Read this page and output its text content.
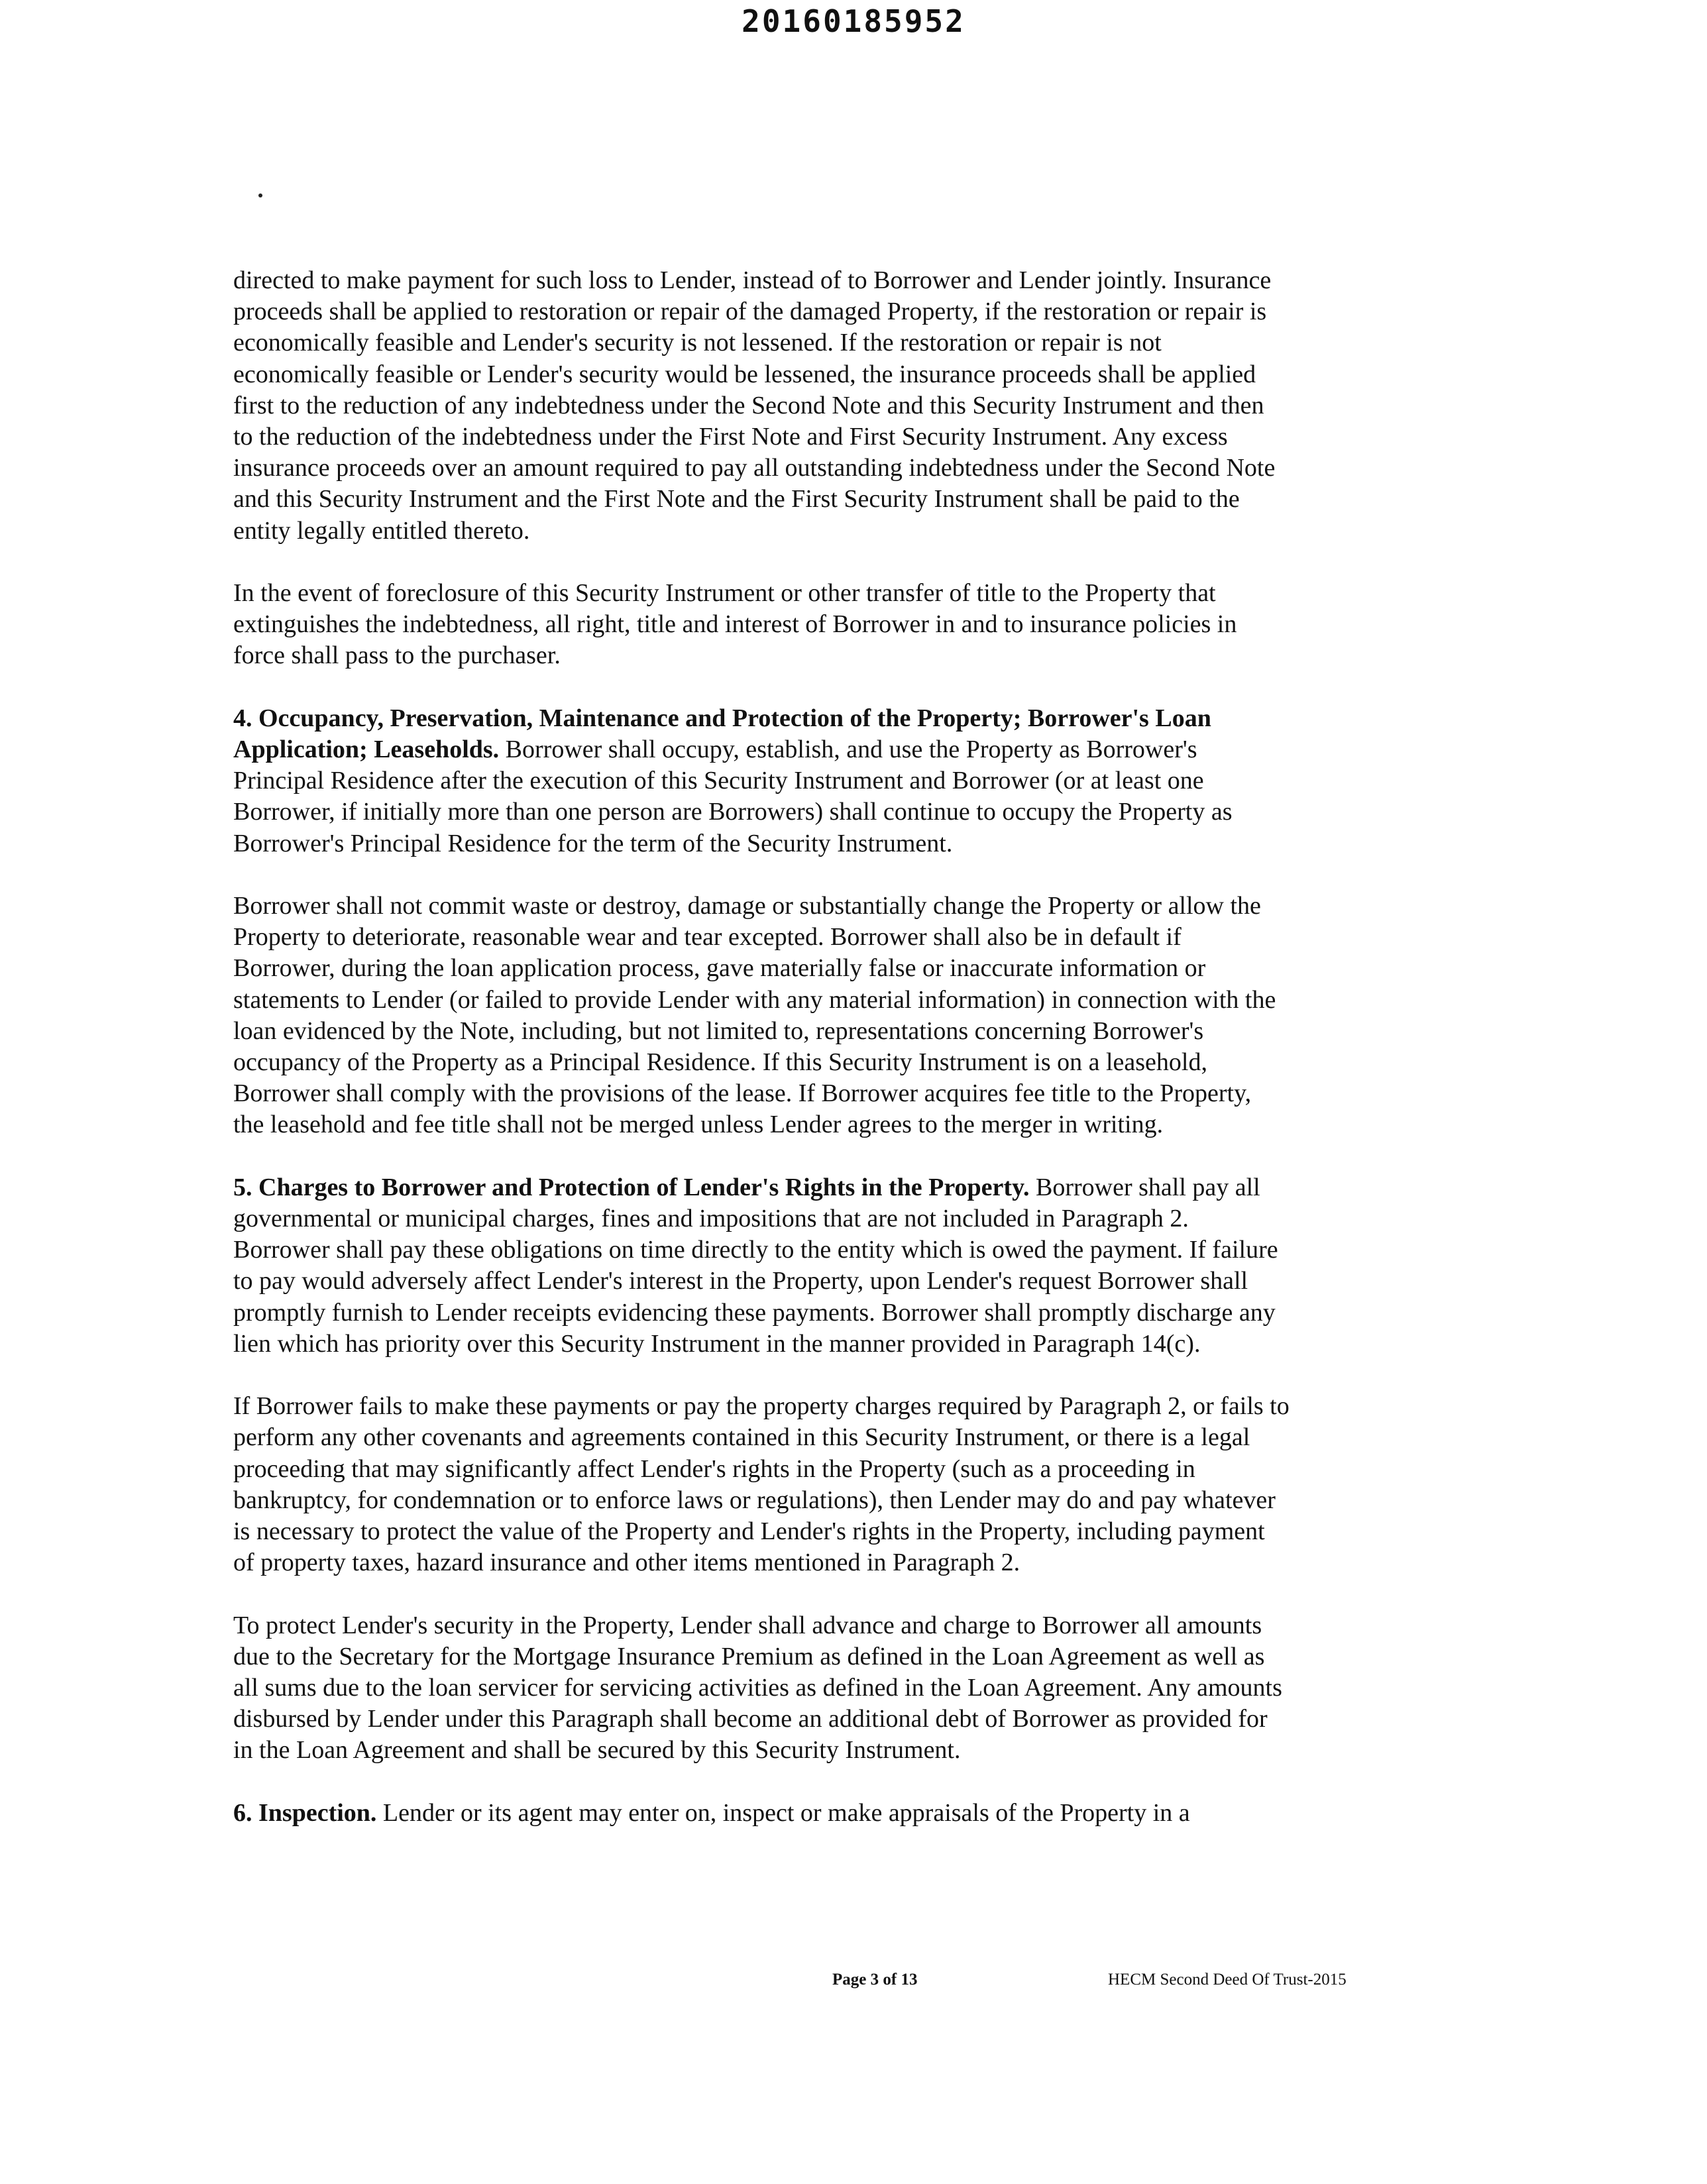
20160185952
directed to make payment for such loss to Lender, instead of to Borrower and Lender jointly. Insurance
proceeds shall be applied to restoration or repair of the damaged Property, if the restoration or repair is
economically feasible and Lender's security is not lessened. If the restoration or repair is not
economically feasible or Lender's security would be lessened, the insurance proceeds shall be applied
first to the reduction of any indebtedness under the Second Note and this Security Instrument and then
to the reduction of the indebtedness under the First Note and First Security Instrument. Any excess
insurance proceeds over an amount required to pay all outstanding indebtedness under the Second Note
and this Security Instrument and the First Note and the First Security Instrument shall be paid to the
entity legally entitled thereto.
In the event of foreclosure of this Security Instrument or other transfer of title to the Property that
extinguishes the indebtedness, all right, title and interest of Borrower in and to insurance policies in
force shall pass to the purchaser.
4. Occupancy, Preservation, Maintenance and Protection of the Property; Borrower's Loan
Application; Leaseholds. Borrower shall occupy, establish, and use the Property as Borrower's
Principal Residence after the execution of this Security Instrument and Borrower (or at least one
Borrower, if initially more than one person are Borrowers) shall continue to occupy the Property as
Borrower's Principal Residence for the term of the Security Instrument.
Borrower shall not commit waste or destroy, damage or substantially change the Property or allow the
Property to deteriorate, reasonable wear and tear excepted. Borrower shall also be in default if
Borrower, during the loan application process, gave materially false or inaccurate information or
statements to Lender (or failed to provide Lender with any material information) in connection with the
loan evidenced by the Note, including, but not limited to, representations concerning Borrower's
occupancy of the Property as a Principal Residence. If this Security Instrument is on a leasehold,
Borrower shall comply with the provisions of the lease. If Borrower acquires fee title to the Property,
the leasehold and fee title shall not be merged unless Lender agrees to the merger in writing.
5. Charges to Borrower and Protection of Lender's Rights in the Property. Borrower shall pay all
governmental or municipal charges, fines and impositions that are not included in Paragraph 2.
Borrower shall pay these obligations on time directly to the entity which is owed the payment. If failure
to pay would adversely affect Lender's interest in the Property, upon Lender's request Borrower shall
promptly furnish to Lender receipts evidencing these payments. Borrower shall promptly discharge any
lien which has priority over this Security Instrument in the manner provided in Paragraph 14(c).
If Borrower fails to make these payments or pay the property charges required by Paragraph 2, or fails to
perform any other covenants and agreements contained in this Security Instrument, or there is a legal
proceeding that may significantly affect Lender's rights in the Property (such as a proceeding in
bankruptcy, for condemnation or to enforce laws or regulations), then Lender may do and pay whatever
is necessary to protect the value of the Property and Lender's rights in the Property, including payment
of property taxes, hazard insurance and other items mentioned in Paragraph 2.
To protect Lender's security in the Property, Lender shall advance and charge to Borrower all amounts
due to the Secretary for the Mortgage Insurance Premium as defined in the Loan Agreement as well as
all sums due to the loan servicer for servicing activities as defined in the Loan Agreement. Any amounts
disbursed by Lender under this Paragraph shall become an additional debt of Borrower as provided for
in the Loan Agreement and shall be secured by this Security Instrument.
6. Inspection. Lender or its agent may enter on, inspect or make appraisals of the Property in a
Page 3 of 13	HECM Second Deed Of Trust-2015
